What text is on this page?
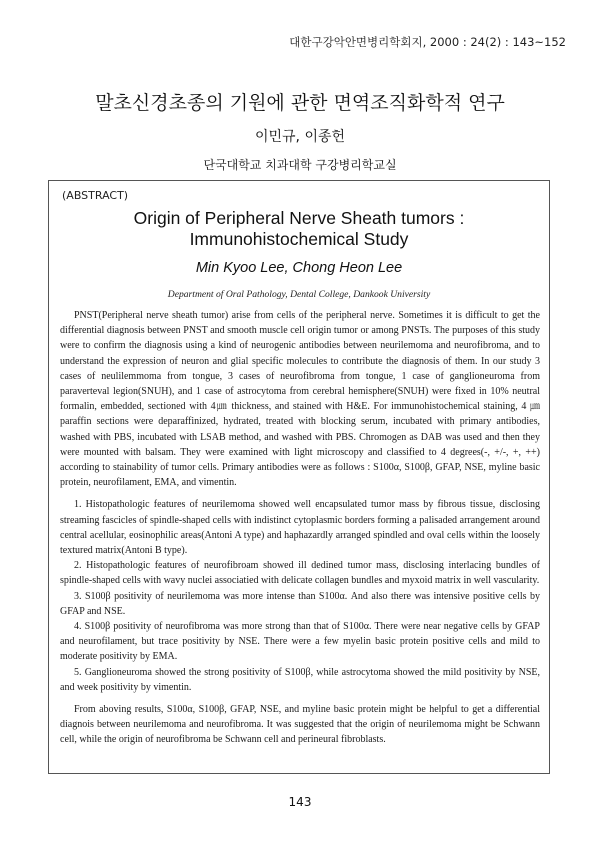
대한구강악안면병리학회지, 2000 : 24(2) : 143~152
말초신경초종의 기원에 관한 면역조직화학적 연구
이민규, 이종헌
단국대학교 치과대학 구강병리학교실
(ABSTRACT)
Origin of Peripheral Nerve Sheath tumors :
Immunohistochemical Study
Min Kyoo Lee, Chong Heon Lee
Department of Oral Pathology, Dental College, Dankook University

PNST(Peripheral nerve sheath tumor) arise from cells of the peripheral nerve. Sometimes it is difficult to get the differential diagnosis between PNST and smooth muscle cell origin tumor or among PNSTs. The purposes of this study were to confirm the diagnosis using a kind of neurogenic antibodies between neurilemoma and neurofibroma, and to understand the expression of neuron and glial specific molecules to contribute the diagnosis of them. In our study 3 cases of neulilemmoma from tongue, 3 cases of neurofibroma from tongue, 1 case of ganglioneuroma from paraverteval legion(SNUH), and 1 case of astrocytoma from cerebral hemisphere(SNUH) were fixed in 10% neutral formalin, embedded, sectioned with 4㎛ thickness, and stained with H&E. For immunohistochemical staining, 4 ㎛ paraffin sections were deparaffinized, hydrated, treated with blocking serum, incubated with primary antibodies, washed with PBS, incubated with LSAB method, and washed with PBS. Chromogen as DAB was used and then they were mounted with balsam. They were examined with light microscopy and classified to 4 degrees(-, +/-, +, ++) according to stainability of tumor cells. Primary antibodies were as follows : S100α, S100β, GFAP, NSE, myline basic protein, neurofilament, EMA, and vimentin.

1. Histopathologic features of neurilemoma showed well encapsulated tumor mass by fibrous tissue, disclosing streaming fascicles of spindle-shaped cells with indistinct cytoplasmic borders forming a palisaded arrangement around central acellular, eosinophilic areas(Antoni A type) and haphazardly arranged spindled and oval cells within the loosely textured matrix(Antoni B type).

2. Histopathologic features of neurofibroam showed ill dedined tumor mass, disclosing interlacing bundles of spindle-shaped cells with wavy nuclei associatied with delicate collagen bundles and myxoid matrix in well vascularity.

3. S100β positivity of neurilemoma was more intense than S100α. And also there was intensive positive cells by GFAP and NSE.

4. S100β positivity of neurofibroma was more strong than that of S100α. There were near negative cells by GFAP and neurofilament, but trace positivity by NSE. There were a few myelin basic protein positive cells and mild to moderate positivity by EMA.

5. Ganglioneuroma showed the strong positivity of S100β, while astrocytoma showed the mild positivity by NSE, and week positivity by vimentin.

From aboving results, S100α, S100β, GFAP, NSE, and myline basic protein might be helpful to get a differential diagnois between neurilemoma and neurofibroma. It was suggested that the origin of neurilemoma might be Schwann cell, while the origin of neurofibroma be Schwann cell and perineural fibroblasts.

143
